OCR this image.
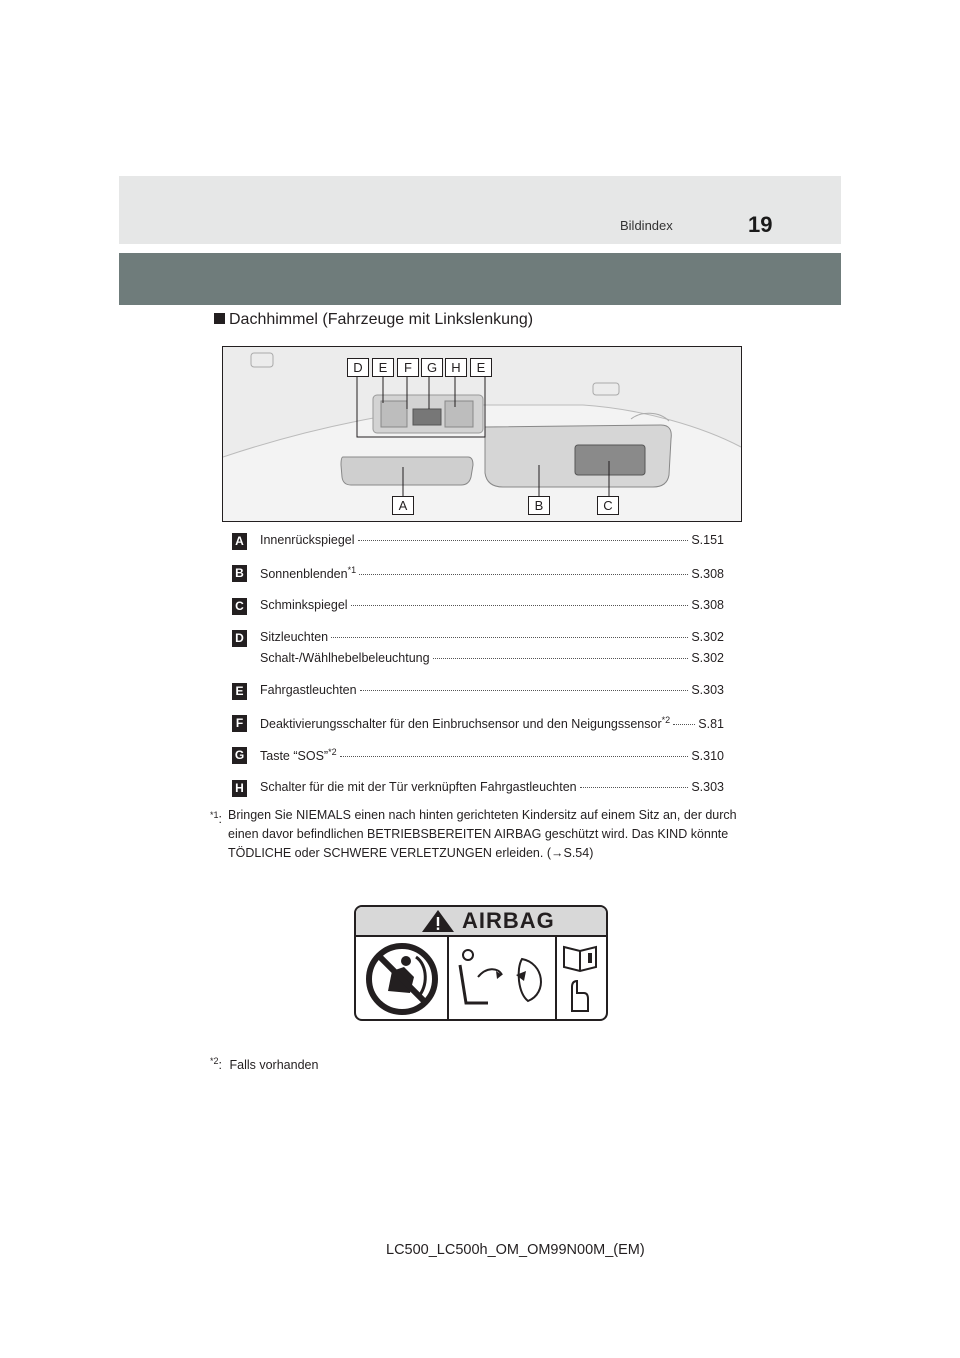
Bildindex	19
Dachhimmel (Fahrzeuge mit Linkslenkung)
D	E	F	G	H	E
A	B	C
A Innenrückspiegel	S.151
B Sonnenblenden$^{*1}$	S.308
C Schminkspiegel	S.308
D Sitzleuchten	S.302
Schalt-/Wählhebelbeleuchtung	S.302
E Fahrgastleuchten	S.303
F	Deaktivierungsschalter für den Einbruchsensor und den Neigungssensor$^{*2}$ S.81
G Taste “SOS”$^{*2}$	S.310
H Schalter für die mit der Tür verknüpften Fahrgastleuchten	S.303
$^{*1}$: Bringen Sie NIEMALS einen nach hinten gerichteten Kindersitz auf einem Sitz an, der durch
einen davor befindlichen BETRIEBSBEREITEN AIRBAG geschützt wird. Das KIND könnte
TÖDLICHE oder SCHWERE VERLETZUNGEN erleiden. (→S.54)
AIRBAG
$^{*2}$: Falls vorhanden
LC500_LC500h_OM_OM99N00M_(EM)
